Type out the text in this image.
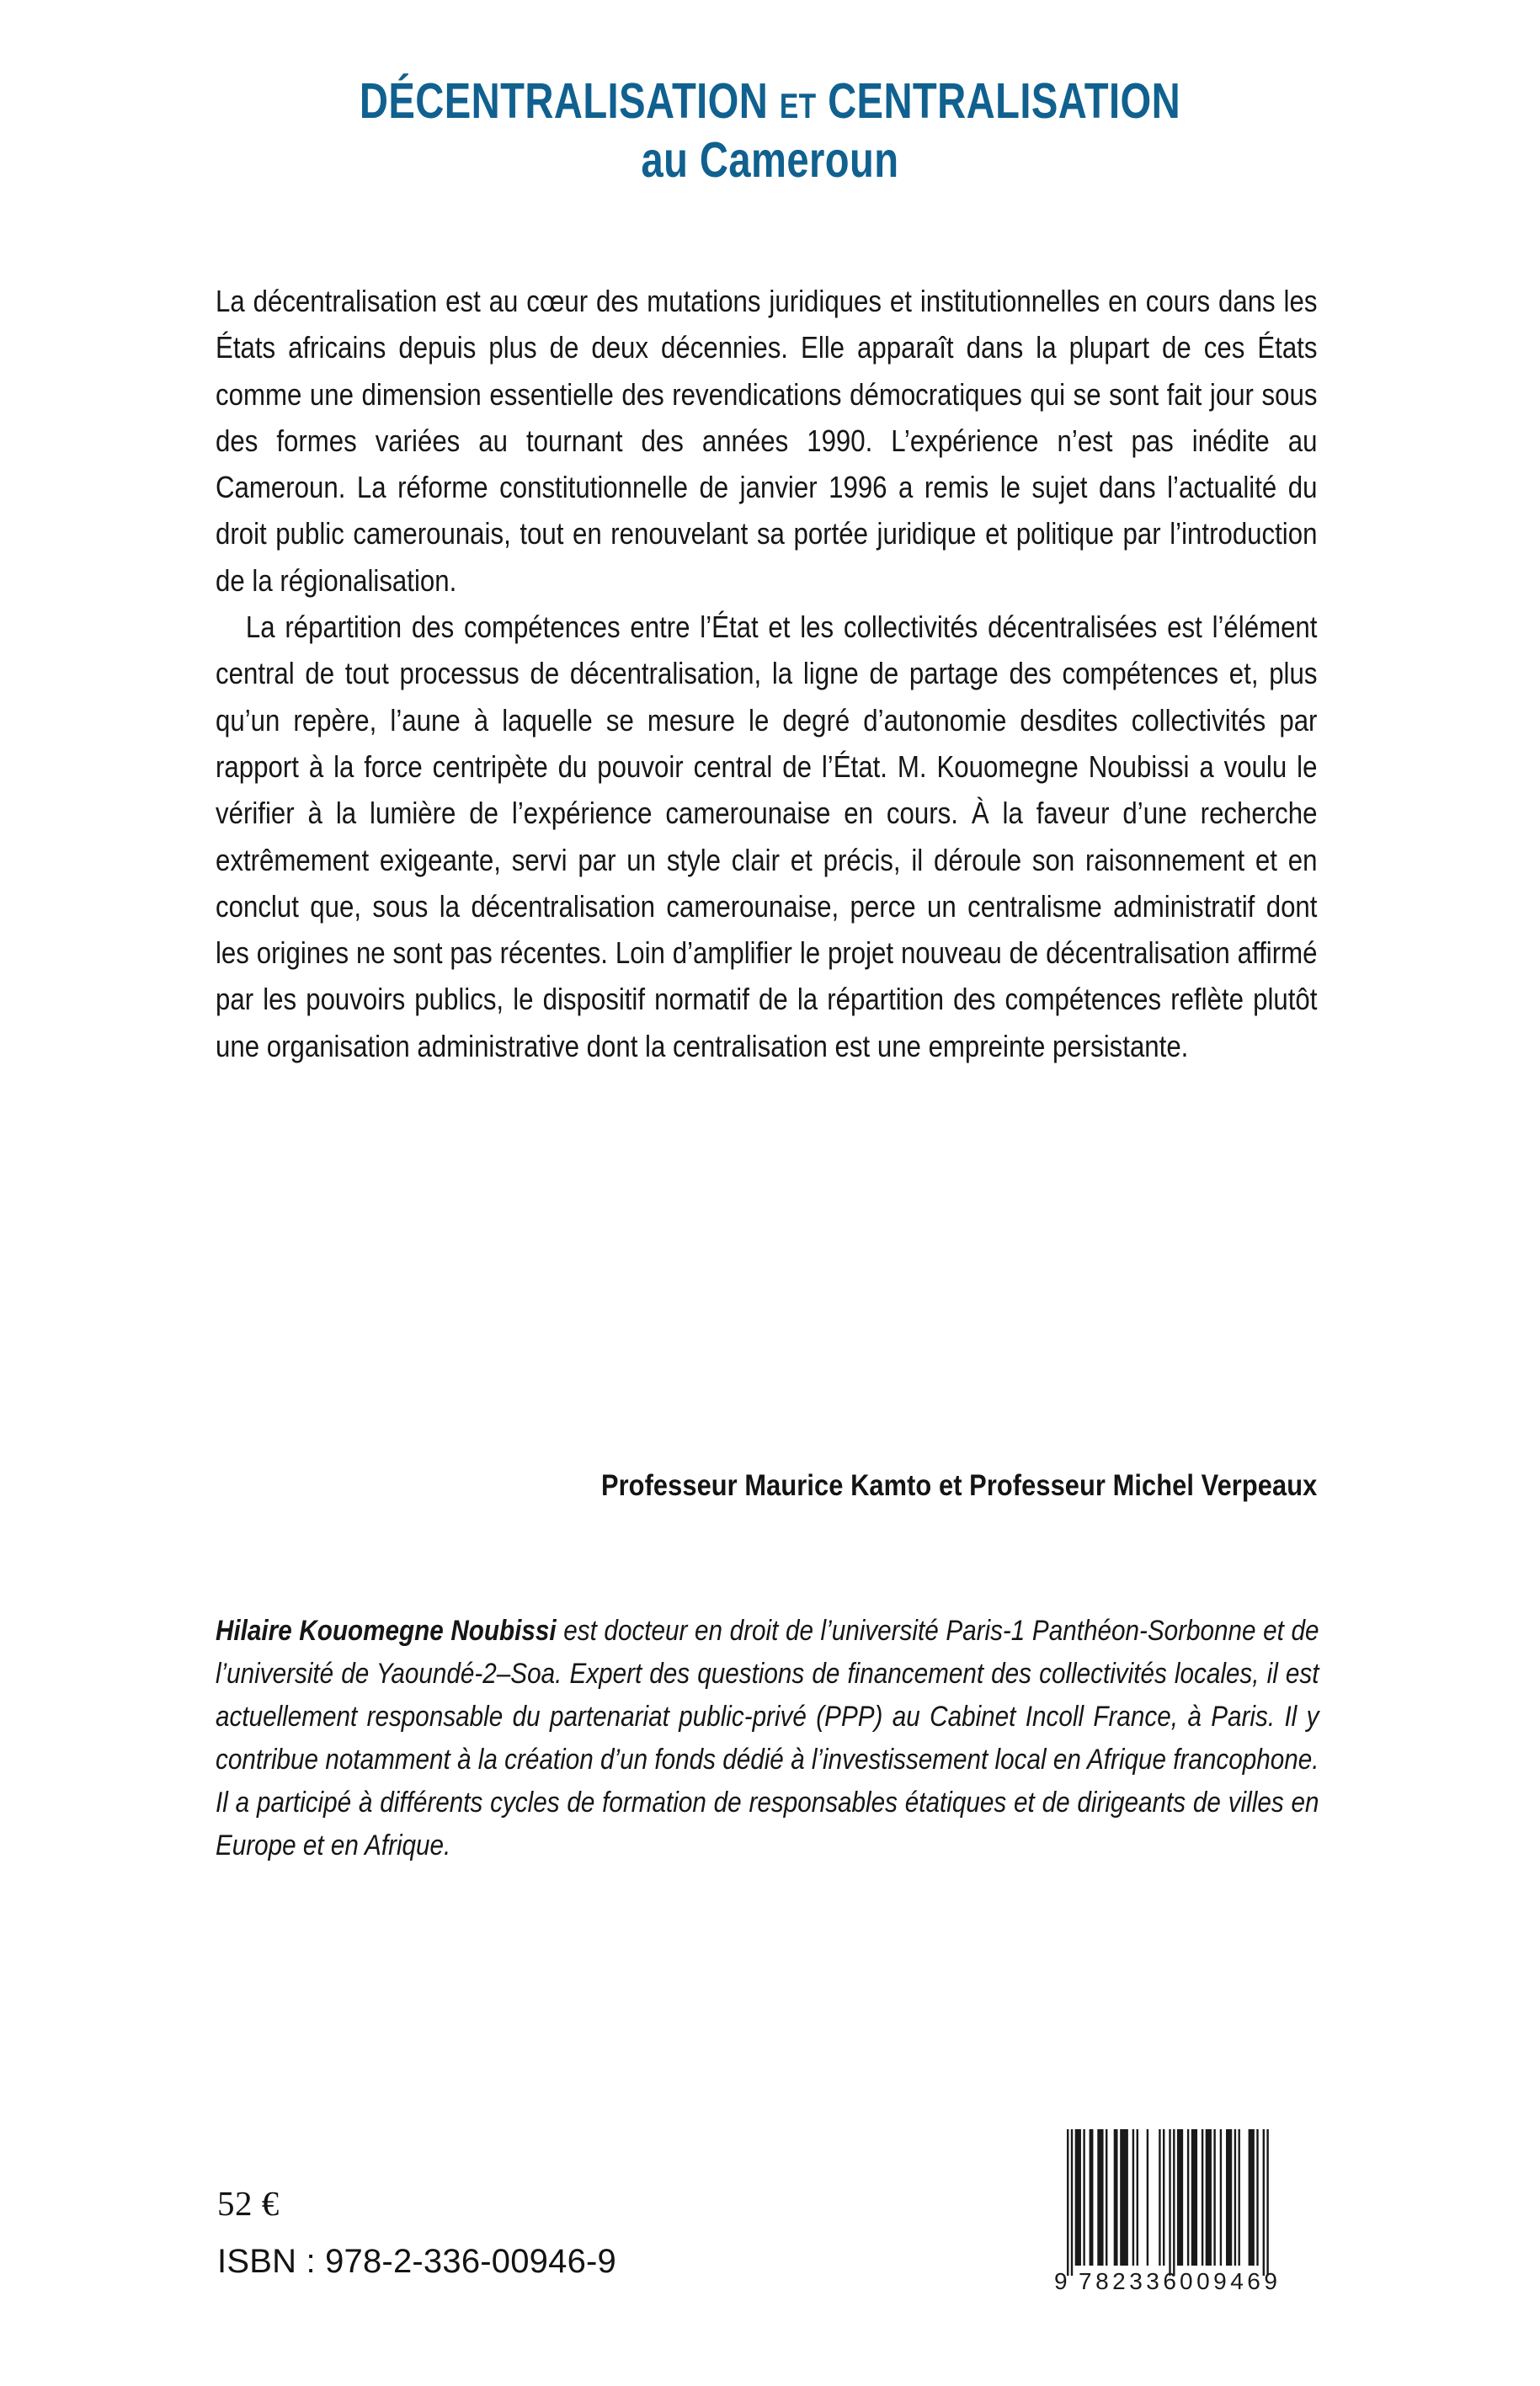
DÉCENTRALISATION ET CENTRALISATION
au Cameroun

La décentralisation est au cœur des mutations juridiques et institutionnelles en cours dans les États africains depuis plus de deux décennies. Elle apparaît dans la plupart de ces États comme une dimension essentielle des revendications démocratiques qui se sont fait jour sous des formes variées au tournant des années 1990. L’expérience n’est pas inédite au Cameroun. La réforme constitutionnelle de janvier 1996 a remis le sujet dans l’actualité du droit public camerounais, tout en renouvelant sa portée juridique et politique par l’introduction de la régionalisation.

La répartition des compétences entre l’État et les collectivités décentralisées est l’élément central de tout processus de décentralisation, la ligne de partage des compétences et, plus qu’un repère, l’aune à laquelle se mesure le degré d’autonomie desdites collectivités par rapport à la force centripète du pouvoir central de l’État. M. Kouomegne Noubissi a voulu le vérifier à la lumière de l’expérience camerounaise en cours. À la faveur d’une recherche extrêmement exigeante, servi par un style clair et précis, il déroule son raisonnement et en conclut que, sous la décentralisation camerounaise, perce un centralisme administratif dont les origines ne sont pas récentes. Loin d’amplifier le projet nouveau de décentralisation affirmé par les pouvoirs publics, le dispositif normatif de la répartition des compétences reflète plutôt une organisation administrative dont la centralisation est une empreinte persistante.

Professeur Maurice Kamto et Professeur Michel Verpeaux

Hilaire Kouomegne Noubissi est docteur en droit de l’université Paris-1 Panthéon-Sorbonne et de l’université de Yaoundé-2–Soa. Expert des questions de financement des collectivités locales, il est actuellement responsable du partenariat public-privé (PPP) au Cabinet Incoll France, à Paris. Il y contribue notamment à la création d’un fonds dédié à l’investissement local en Afrique francophone. Il a participé à différents cycles de formation de responsables étatiques et de dirigeants de villes en Europe et en Afrique.

52 €
ISBN : 978-2-336-00946-9
9 782336 009469
